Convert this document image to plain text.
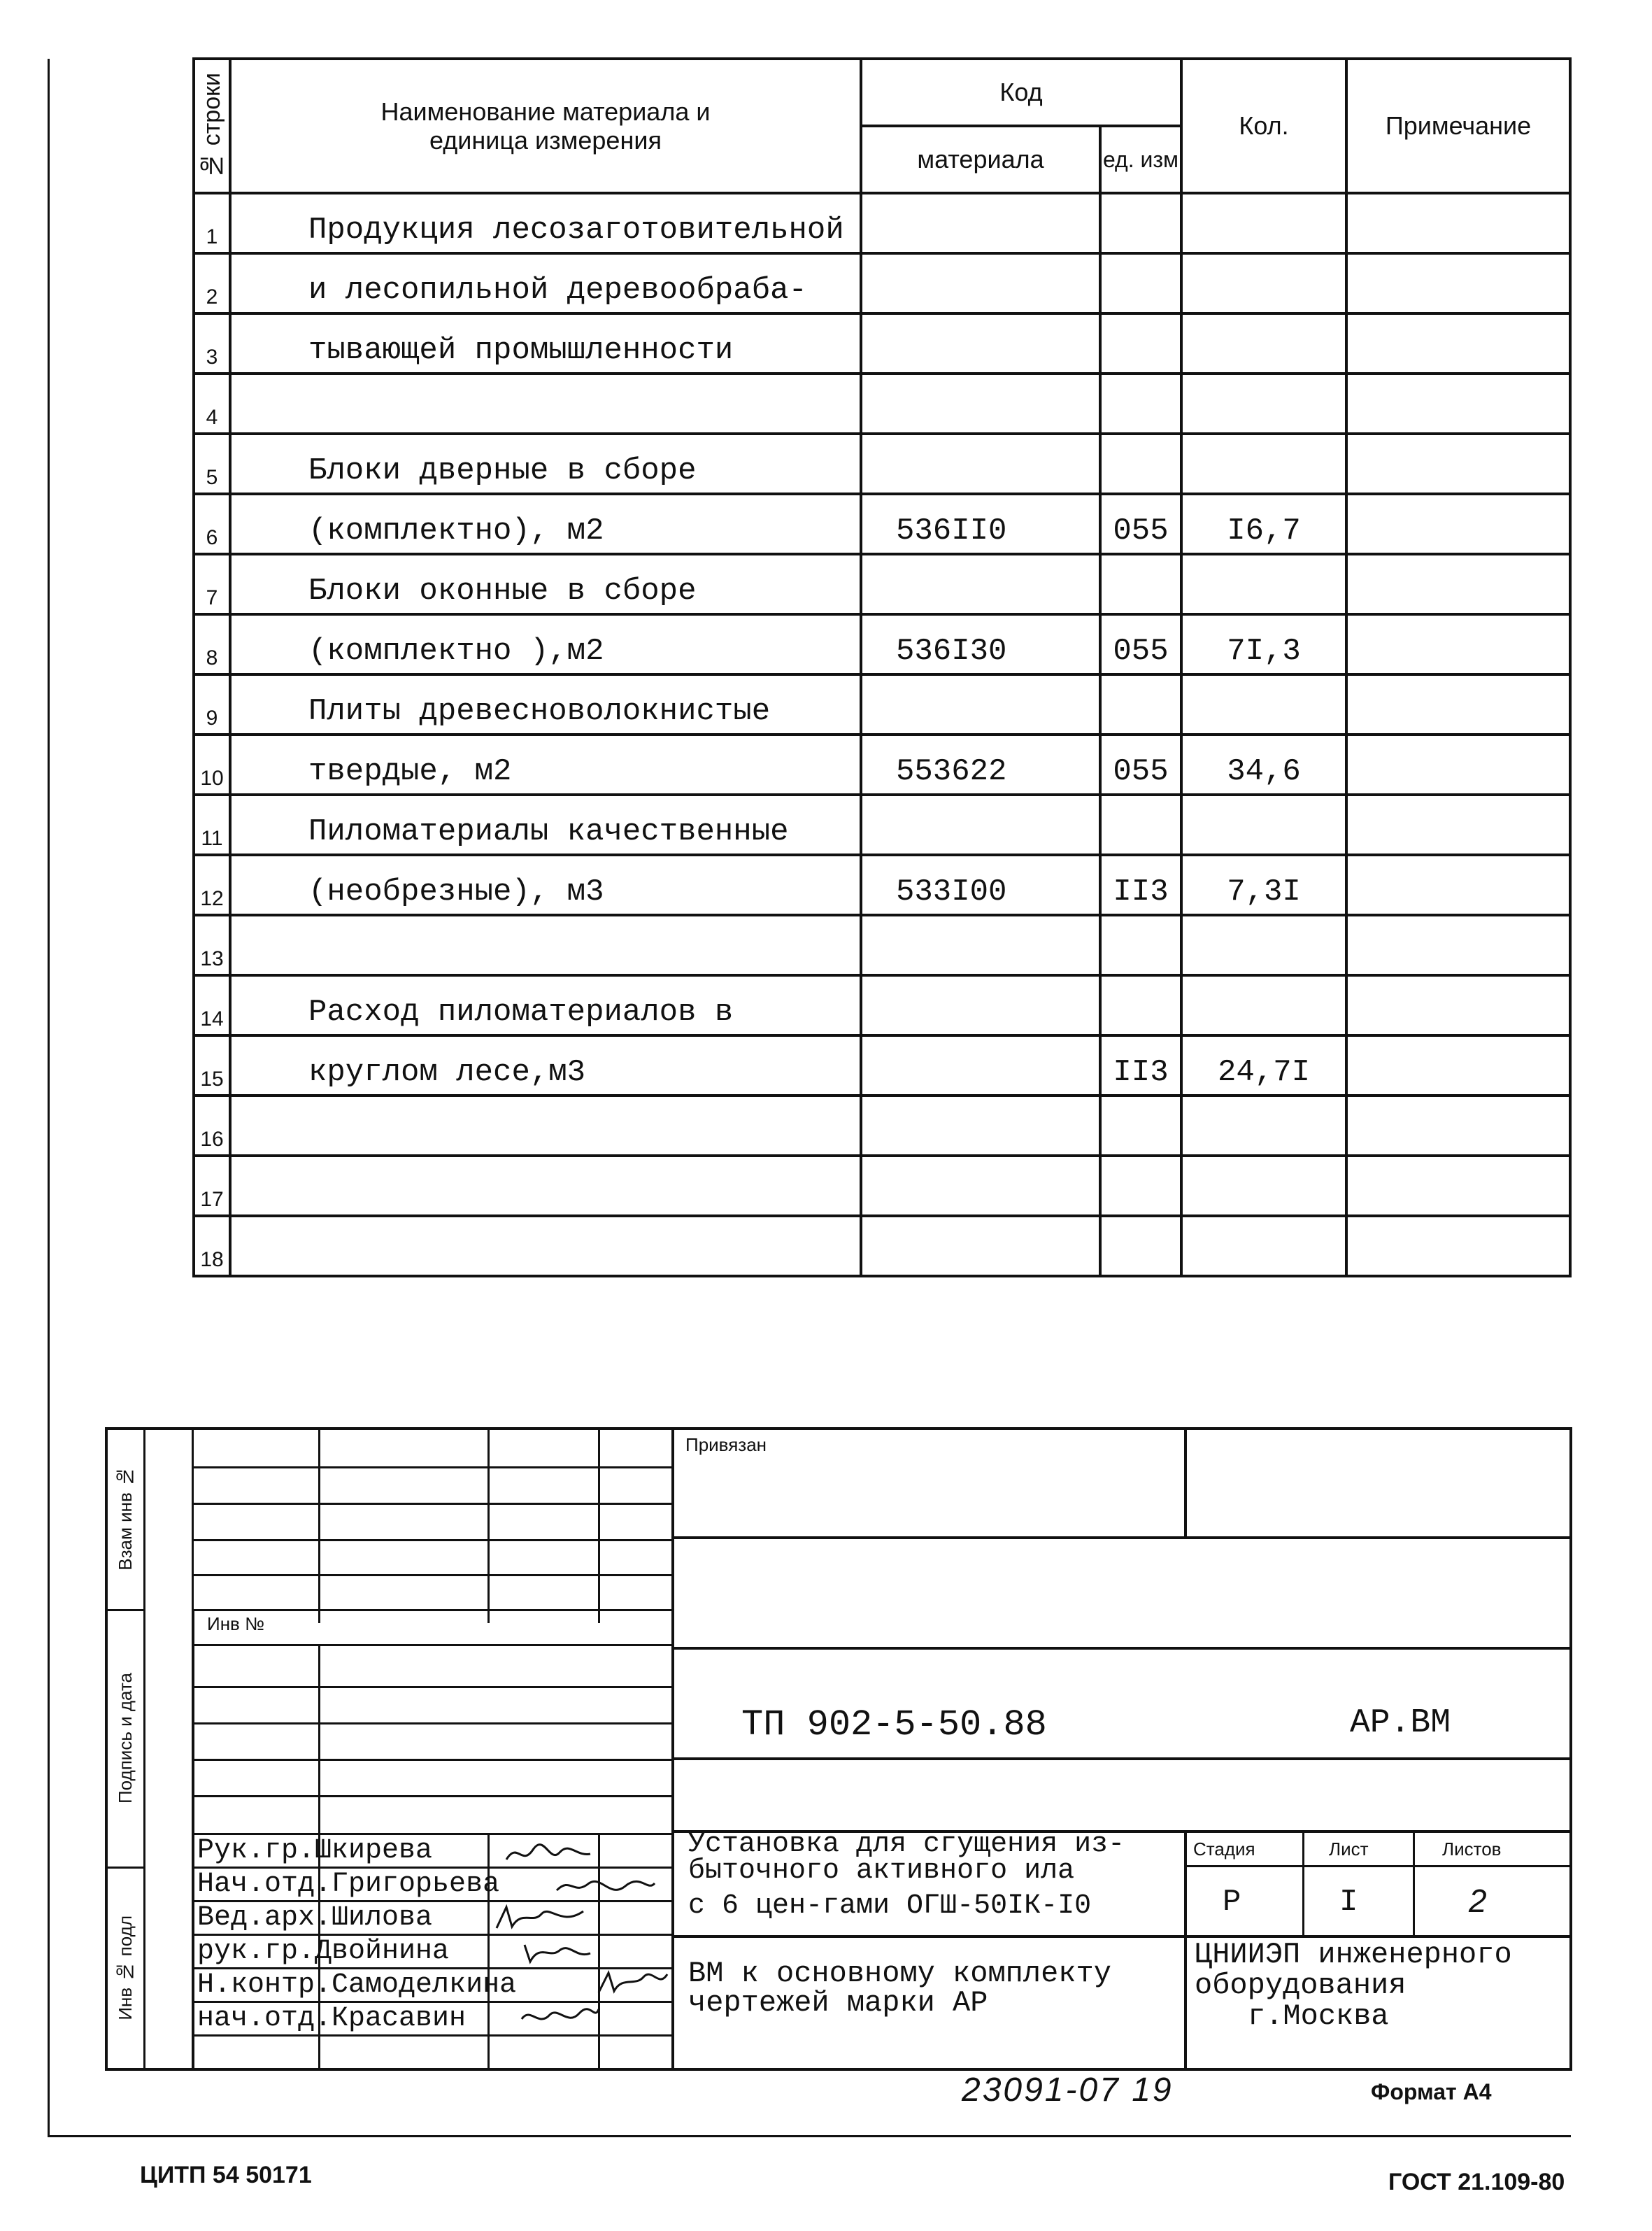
№ строки	Наименование материала и единица измерения	Код		Кол.	Примечание
		материала	ед. изм		
1	Продукция лесозаготовительной				
2	и лесопильной деревообраба-				
3	тывающей промышленности				
4					
5	Блоки дверные в сборе				
6	(комплектно), м2	536II0	055	I6,7	
7	Блоки оконные в сборе				
8	(комплектно ),м2	536I30	055	7I,3	
9	Плиты древесноволокнистые				
10	твердые, м2	553622	055	34,6	
11	Пиломатериалы качественные				
12	(необрезные), м3	533I00	II3	7,3I	
13					
14	Расход пиломатериалов в				
15	круглом лесе,м3		II3	24,7I	
16					
17					
18					
Взам инв №
Подпись и дата
Инв № подл
Инв №
Привязан
ТП 902-5-50.88	АР.ВМ
Установка для сгущения из-
быточного активного ила
с 6 цен-гами ОГШ-50IК-I0
Стадия	Лист	Листов
Р	I	2
ВМ к основному комплекту
чертежей марки АР
ЦНИИЭП инженерного
оборудования
г.Москва
Рук.гр.Шкирева
Нач.отд.Григорьева
Вед.арх.Шилова
рук.гр.Двойнина
Н.контр.Самоделкина
нач.отд.Красавин
23091-07 19	Формат А4
ЦИТП 54 50171	ГОСТ 21.109-80
